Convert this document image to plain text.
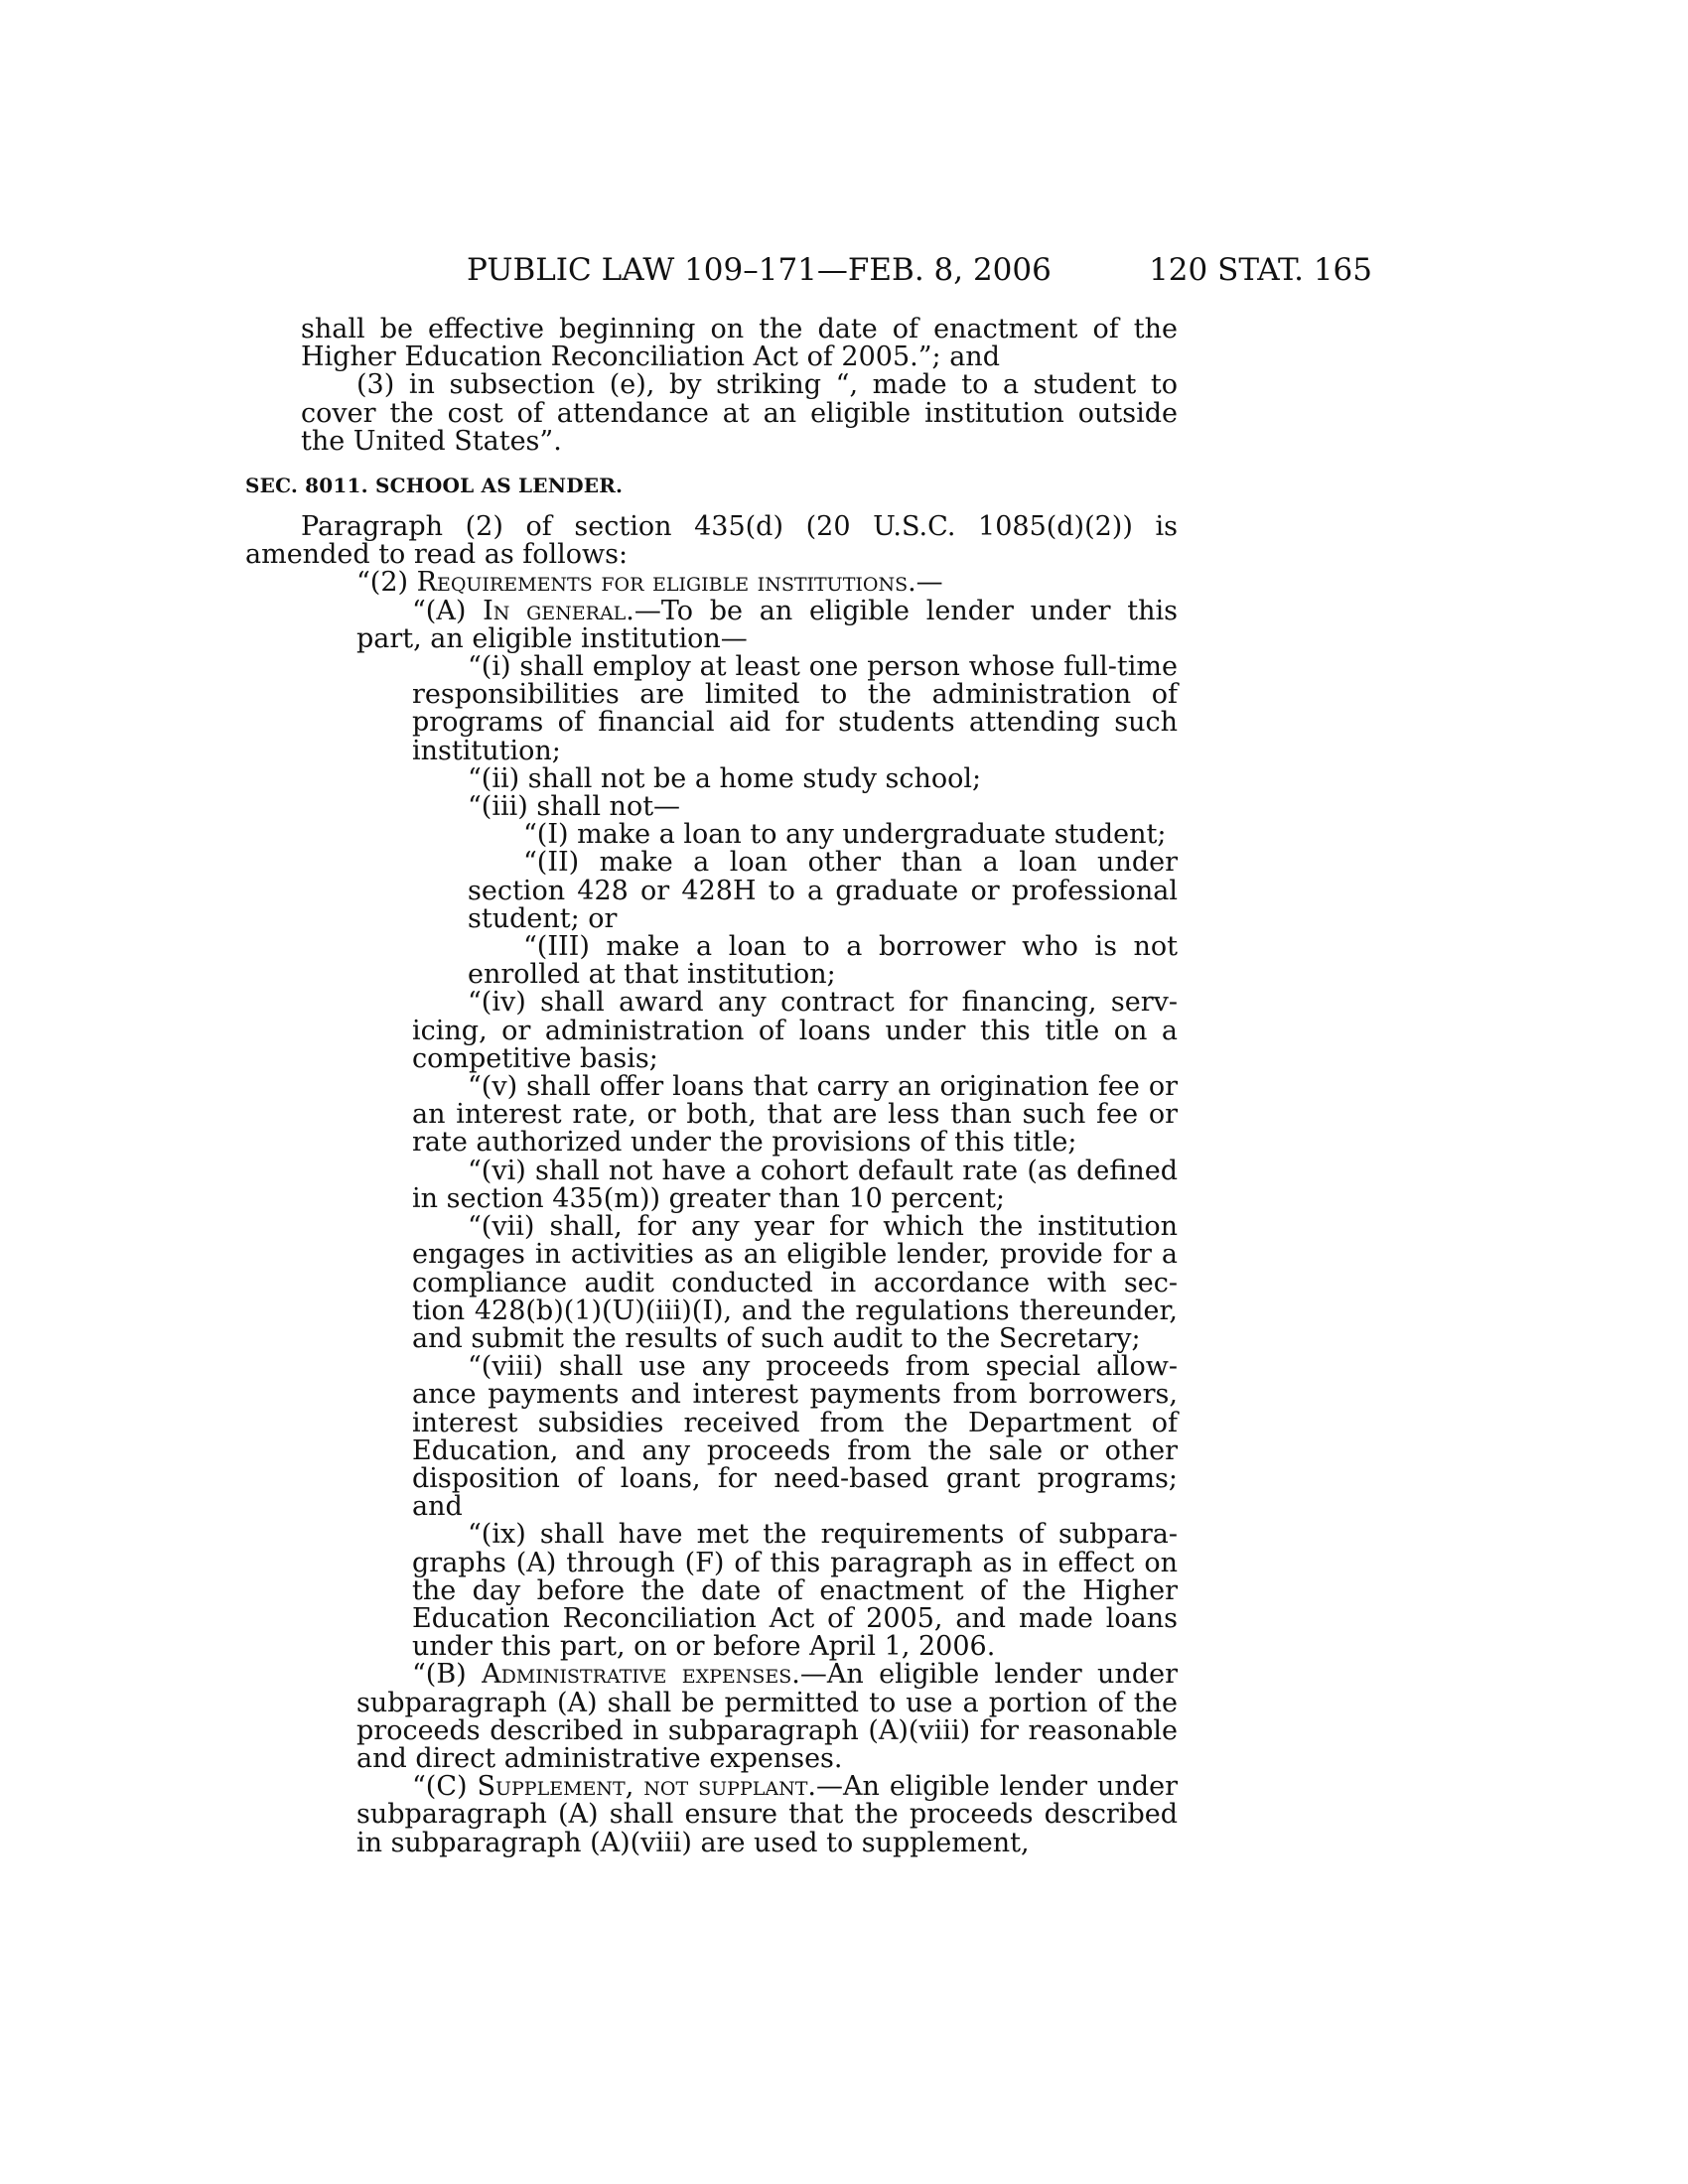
PUBLIC LAW 109–171—FEB. 8, 2006	120 STAT. 165

shall be effective beginning on the date of enactment of the Higher Education Reconciliation Act of 2005.”; and

(3) in subsection (e), by striking “, made to a student to cover the cost of attendance at an eligible institution outside the United States”.

SEC. 8011. SCHOOL AS LENDER.

Paragraph (2) of section 435(d) (20 U.S.C. 1085(d)(2)) is amended to read as follows:

“(2) Requirements for eligible institutions.—

“(A) In general.—To be an eligible lender under this part, an eligible institution—

“(i) shall employ at least one person whose full-time responsibilities are limited to the administration of programs of financial aid for students attending such institution;

“(ii) shall not be a home study school;

“(iii) shall not—

“(I) make a loan to any undergraduate student;

“(II) make a loan other than a loan under section 428 or 428H to a graduate or professional student; or

“(III) make a loan to a borrower who is not enrolled at that institution;

“(iv) shall award any contract for financing, serv-icing, or administration of loans under this title on a competitive basis;

“(v) shall offer loans that carry an origination fee or an interest rate, or both, that are less than such fee or rate authorized under the provisions of this title;

“(vi) shall not have a cohort default rate (as defined in section 435(m)) greater than 10 percent;

“(vii) shall, for any year for which the institution engages in activities as an eligible lender, provide for a compliance audit conducted in accordance with sec-tion 428(b)(1)(U)(iii)(I), and the regulations thereunder, and submit the results of such audit to the Secretary;

“(viii) shall use any proceeds from special allow-ance payments and interest payments from borrowers, interest subsidies received from the Department of Education, and any proceeds from the sale or other disposition of loans, for need-based grant programs; and

“(ix) shall have met the requirements of subpara-graphs (A) through (F) of this paragraph as in effect on the day before the date of enactment of the Higher Education Reconciliation Act of 2005, and made loans under this part, on or before April 1, 2006.

“(B) Administrative expenses.—An eligible lender under subparagraph (A) shall be permitted to use a portion of the proceeds described in subparagraph (A)(viii) for reasonable and direct administrative expenses.

“(C) Supplement, not supplant.—An eligible lender under subparagraph (A) shall ensure that the proceeds described in subparagraph (A)(viii) are used to supplement,
